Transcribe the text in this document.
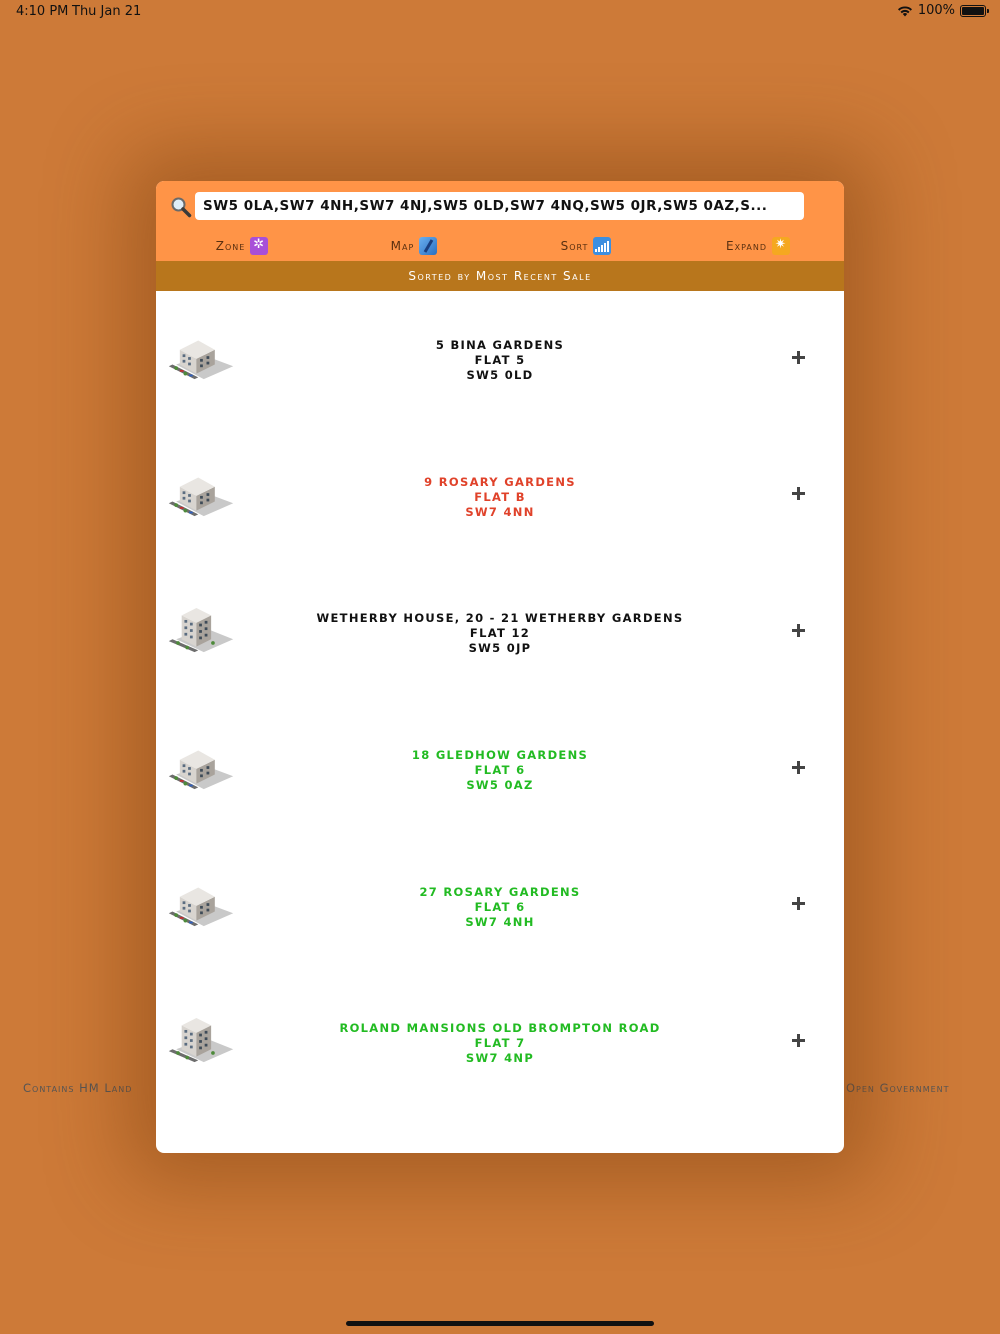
4:10 PM Thu Jan 21	100%
Contains HM Land	Open Government
SW5 0LA,SW7 4NH,SW7 4NJ,SW5 0LD,SW7 4NQ,SW5 0JR,SW5 0AZ,S...
Zone
✲	Map	Sort	Expand
✷
Sorted by Most Recent Sale
5 BINA GARDENS
FLAT 5
SW5 0LD
9 ROSARY GARDENS
FLAT B
SW7 4NN
WETHERBY HOUSE, 20 - 21 WETHERBY GARDENS
FLAT 12
SW5 0JP
18 GLEDHOW GARDENS
FLAT 6
SW5 0AZ
27 ROSARY GARDENS
FLAT 6
SW7 4NH
ROLAND MANSIONS OLD BROMPTON ROAD
FLAT 7
SW7 4NP
